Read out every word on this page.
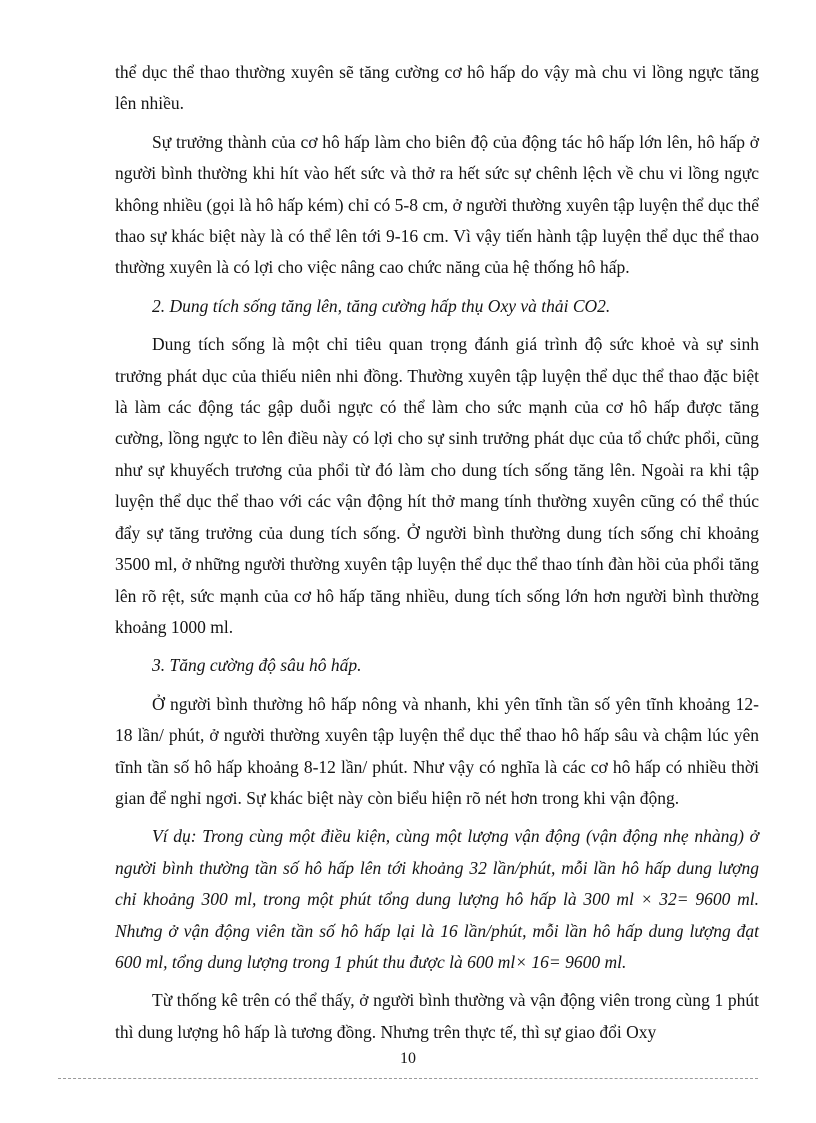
thể dục thể thao thường xuyên sẽ tăng cường cơ hô hấp do vậy mà chu vi lồng ngực tăng lên nhiều.

Sự trưởng thành của cơ hô hấp làm cho biên độ của động tác hô hấp lớn lên, hô hấp ở người bình thường khi hít vào hết sức và thở ra hết sức sự chênh lệch về chu vi lồng ngực không nhiều (gọi là hô hấp kém) chỉ có 5-8 cm, ở người thường xuyên tập luyện thể dục thể thao sự khác biệt này là có thể lên tới 9-16 cm. Vì vậy tiến hành tập luyện thể dục thể thao thường xuyên là có lợi cho việc nâng cao chức năng của hệ thống hô hấp.

2. Dung tích sống tăng lên, tăng cường hấp thụ Oxy và thải CO2.

Dung tích sống là một chỉ tiêu quan trọng đánh giá trình độ sức khoẻ và sự sinh trưởng phát dục của thiếu niên nhi đồng. Thường xuyên tập luyện thể dục thể thao đặc biệt là làm các động tác gập duỗi ngực có thể làm cho sức mạnh của cơ hô hấp được tăng cường, lồng ngực to lên điều này có lợi cho sự sinh trưởng phát dục của tổ chức phổi, cũng như sự khuyếch trương của phổi từ đó làm cho dung tích sống tăng lên. Ngoài ra khi tập luyện thể dục thể thao với các vận động hít thở mang tính thường xuyên cũng có thể thúc đẩy sự tăng trưởng của dung tích sống. Ở người bình thường dung tích sống chỉ khoảng 3500 ml, ở những người thường xuyên tập luyện thể dục thể thao tính đàn hồi của phổi tăng lên rõ rệt, sức mạnh của cơ hô hấp tăng nhiều, dung tích sống lớn hơn người bình thường khoảng 1000 ml.

3. Tăng cường độ sâu hô hấp.

Ở người bình thường hô hấp nông và nhanh, khi yên tĩnh tần số yên tĩnh khoảng 12-18 lần/ phút, ở người thường xuyên tập luyện thể dục thể thao hô hấp sâu và chậm lúc yên tĩnh tần số hô hấp khoảng 8-12 lần/ phút. Như vậy có nghĩa là các cơ hô hấp có nhiều thời gian để nghỉ ngơi. Sự khác biệt này còn biểu hiện rõ nét hơn trong khi vận động.

Ví dụ: Trong cùng một điều kiện, cùng một lượng vận động (vận động nhẹ nhàng) ở người bình thường tần số hô hấp lên tới khoảng 32 lần/phút, mỗi lần hô hấp dung lượng chỉ khoảng 300 ml, trong một phút tổng dung lượng hô hấp là 300 ml × 32= 9600 ml. Nhưng ở vận động viên tần số hô hấp lại là 16 lần/phút, mỗi lần hô hấp dung lượng đạt 600 ml, tổng dung lượng trong 1 phút thu được là 600 ml× 16= 9600 ml.

Từ thống kê trên có thể thấy, ở người bình thường và vận động viên trong cùng 1 phút thì dung lượng hô hấp là tương đồng. Nhưng trên thực tế, thì sự giao đổi Oxy

10
